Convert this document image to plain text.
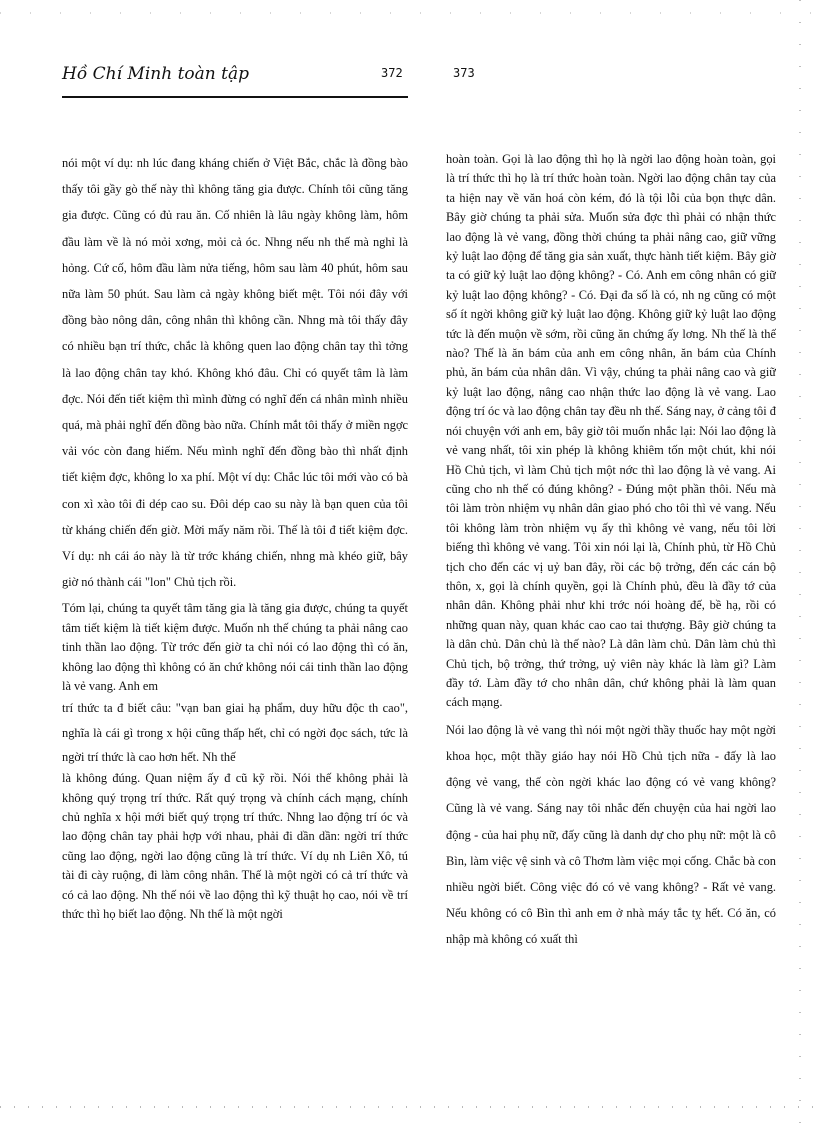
Hồ Chí Minh toàn tập	372	373

nói một ví dụ: nh lúc đang kháng chiến ở Việt Bắc, chắc là đồng bào thấy tôi gầy gò thế này thì không tăng gia được. Chính tôi cũng tăng gia được. Cũng có đủ rau ăn. Cố nhiên là lâu ngày không làm, hôm đầu làm về là nó mỏi xơng, mỏi cả óc. Nhng nếu nh thế mà nghỉ là hỏng. Cứ cố, hôm đầu làm nửa tiếng, hôm sau làm 40 phút, hôm sau nữa làm 50 phút. Sau làm cả ngày không biết mệt. Tôi nói đây với đồng bào nông dân, công nhân thì không cần. Nhng mà tôi thấy đây có nhiều bạn trí thức, chắc là không quen lao động chân tay thì tởng là lao động chân tay khó. Không khó đâu. Chỉ có quyết tâm là làm đợc. Nói đến tiết kiệm thì mình đừng có nghĩ đến cá nhân mình nhiều quá, mà phải nghĩ đến đồng bào nữa. Chính mắt tôi thấy ở miền ngợc vải vóc còn đang hiếm. Nếu mình nghĩ đến đồng bào thì nhất định tiết kiệm đợc, không lo xa phí. Một ví dụ: Chắc lúc tôi mới vào có bà con xì xào tôi đi dép cao su. Đôi dép cao su này là bạn quen của tôi từ kháng chiến đến giờ. Mời mấy năm rồi. Thế là tôi đ tiết kiệm đợc. Ví dụ: nh cái áo này là từ trớc kháng chiến, nhng mà khéo giữ, bây giờ nó thành cái "lon" Chủ tịch rồi.

Tóm lại, chúng ta quyết tâm tăng gia là tăng gia được, chúng ta quyết tâm tiết kiệm là tiết kiệm được. Muốn nh thế chúng ta phải nâng cao tinh thần lao động. Từ trớc đến giờ ta chỉ nói có lao động thì có ăn, không lao động thì không có ăn chứ không nói cái tinh thần lao động là vẻ vang. Anh em

trí thức ta đ biết câu: "vạn ban giai hạ phẩm, duy hữu độc th cao", nghĩa là cái gì trong x hội cũng thấp hết, chỉ có ngời đọc sách, tức là ngời trí thức là cao hơn hết. Nh thế

là không đúng. Quan niệm ấy đ cũ kỹ rồi. Nói thế không phải là không quý trọng trí thức. Rất quý trọng và chính cách mạng, chính chủ nghĩa x hội mới biết quý trọng trí thức. Nhng lao động trí óc và lao động chân tay phải hợp với nhau, phải đi dần dần: ngời trí thức cũng lao động, ngời lao động cũng là trí thức. Ví dụ nh Liên Xô, tú tài đi cày ruộng, đi làm công nhân. Thế là một ngời có cả trí thức và có cả lao động. Nh thế nói về lao động thì kỹ thuật họ cao, nói về trí thức thì họ biết lao động. Nh thế là một ngời

hoàn toàn. Gọi là lao động thì họ là ngời lao động hoàn toàn, gọi là trí thức thì họ là trí thức hoàn toàn. Ngời lao động chân tay của ta hiện nay về văn hoá còn kém, đó là tội lỗi của bọn thực dân. Bây giờ chúng ta phải sửa. Muốn sửa đợc thì phải có nhận thức lao động là vẻ vang, đồng thời chúng ta phải nâng cao, giữ vững kỷ luật lao động để tăng gia sản xuất, thực hành tiết kiệm. Bây giờ ta có giữ kỷ luật lao động không? - Có. Anh em công nhân có giữ kỷ luật lao động không? - Có. Đại đa số là có, nh ng cũng có một số ít ngời không giữ kỷ luật lao động. Không giữ kỷ luật lao động tức là đến muộn về sớm, rồi cũng ăn chứng ấy lơng. Nh thế là thế nào? Thế là ăn bám của anh em công nhân, ăn bám của Chính phủ, ăn bám của nhân dân. Vì vậy, chúng ta phải nâng cao và giữ kỷ luật lao động, nâng cao nhận thức lao động là vẻ vang. Lao động trí óc và lao động chân tay đều nh thế. Sáng nay, ở cảng tôi đ nói chuyện với anh em, bây giờ tôi muốn nhắc lại: Nói lao động là vẻ vang nhất, tôi xin phép là không khiêm tốn một chút, khi nói Hồ Chủ tịch, vì làm Chủ tịch một nớc thì lao động là vẻ vang. Ai cũng cho nh thế có đúng không? - Đúng một phần thôi. Nếu mà tôi làm tròn nhiệm vụ nhân dân giao phó cho tôi thì vẻ vang. Nếu tôi không làm tròn nhiệm vụ ấy thì không vẻ vang, nếu tôi lời biếng thì không vẻ vang. Tôi xin nói lại là, Chính phủ, từ Hồ Chủ tịch cho đến các vị uỷ ban đây, rồi các bộ trởng, đến các cán bộ thôn, x, gọi là chính quyền, gọi là Chính phủ, đều là đầy tớ của nhân dân. Không phải như khi trớc nói hoàng đế, bề hạ, rồi có những quan này, quan khác cao cao tai thượng. Bây giờ chúng ta là dân chủ. Dân chủ là thế nào? Là dân làm chủ. Dân làm chủ thì Chủ tịch, bộ trởng, thứ trởng, uỷ viên này khác là làm gì? Làm đầy tớ. Làm đầy tớ cho nhân dân, chứ không phải là làm quan cách mạng.

Nói lao động là vẻ vang thì nói một ngời thầy thuốc hay một ngời khoa học, một thầy giáo hay nói Hồ Chủ tịch nữa - đấy là lao động vẻ vang, thế còn ngời khác lao động có vẻ vang không? Cũng là vẻ vang. Sáng nay tôi nhắc đến chuyện của hai ngời lao động - của hai phụ nữ, đấy cũng là danh dự cho phụ nữ: một là cô Bìn, làm việc vệ sinh và cô Thơm làm việc mọi cống. Chắc bà con nhiều ngời biết. Công việc đó có vẻ vang không? - Rất vẻ vang. Nếu không có cô Bìn thì anh em ở nhà máy tắc tỵ hết. Có ăn, có nhập mà không có xuất thì
